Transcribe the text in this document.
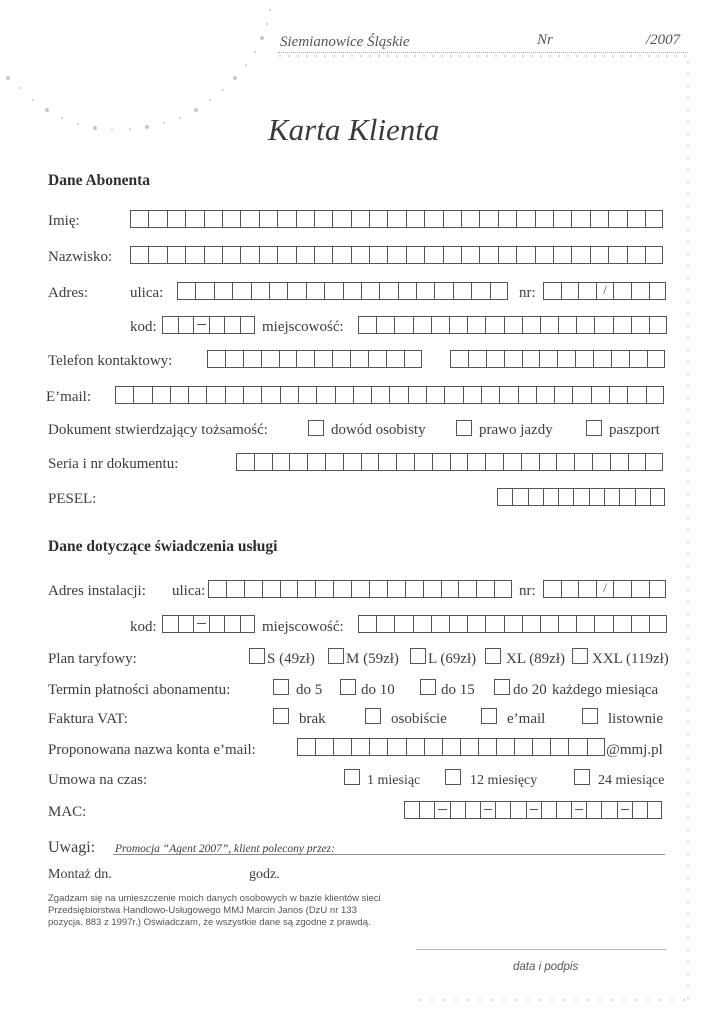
Siemianowice Śląskie	Nr	/2007
Karta Klienta
Dane Abonenta
Imię:
Nazwisko:
Adres:	ulica:	nr:
/
kod:	miejscowość:
Telefon kontaktowy:
E’mail:
Dokument stwierdzający tożsamość:	dowód osobisty	prawo jazdy	paszport
Seria i nr dokumentu:
PESEL:
Dane dotyczące świadczenia usługi
Adres instalacji: ulica:	nr:
/
kod:	miejscowość:
Plan taryfowy:	S (49zł) M (59zł) L (69zł) XL (89zł) XXL (119zł)
Termin płatności abonamentu:	do 5	do 10	do 15	do 20 każdego miesiąca
Faktura VAT:	brak	osobiście	e’mail	listownie
Proponowana nazwa konta e’mail:	@mmj.pl
Umowa na czas:	1 miesiąc	12 miesięcy	24 miesiące
MAC:
Uwagi: Promocja “Agent 2007”, klient polecony przez:
Montaż dn.	godz.
Zgadzam się na umieszczenie moich danych osobowych w bazie klientów sieci
Przedsiębiorstwa Handlowo-Usługowego MMJ Marcin Janos (DzU nr 133
pozycja. 883 z 1997r.) Oświadczam, że wszystkie dane są zgodne z prawdą.
data i podpis
